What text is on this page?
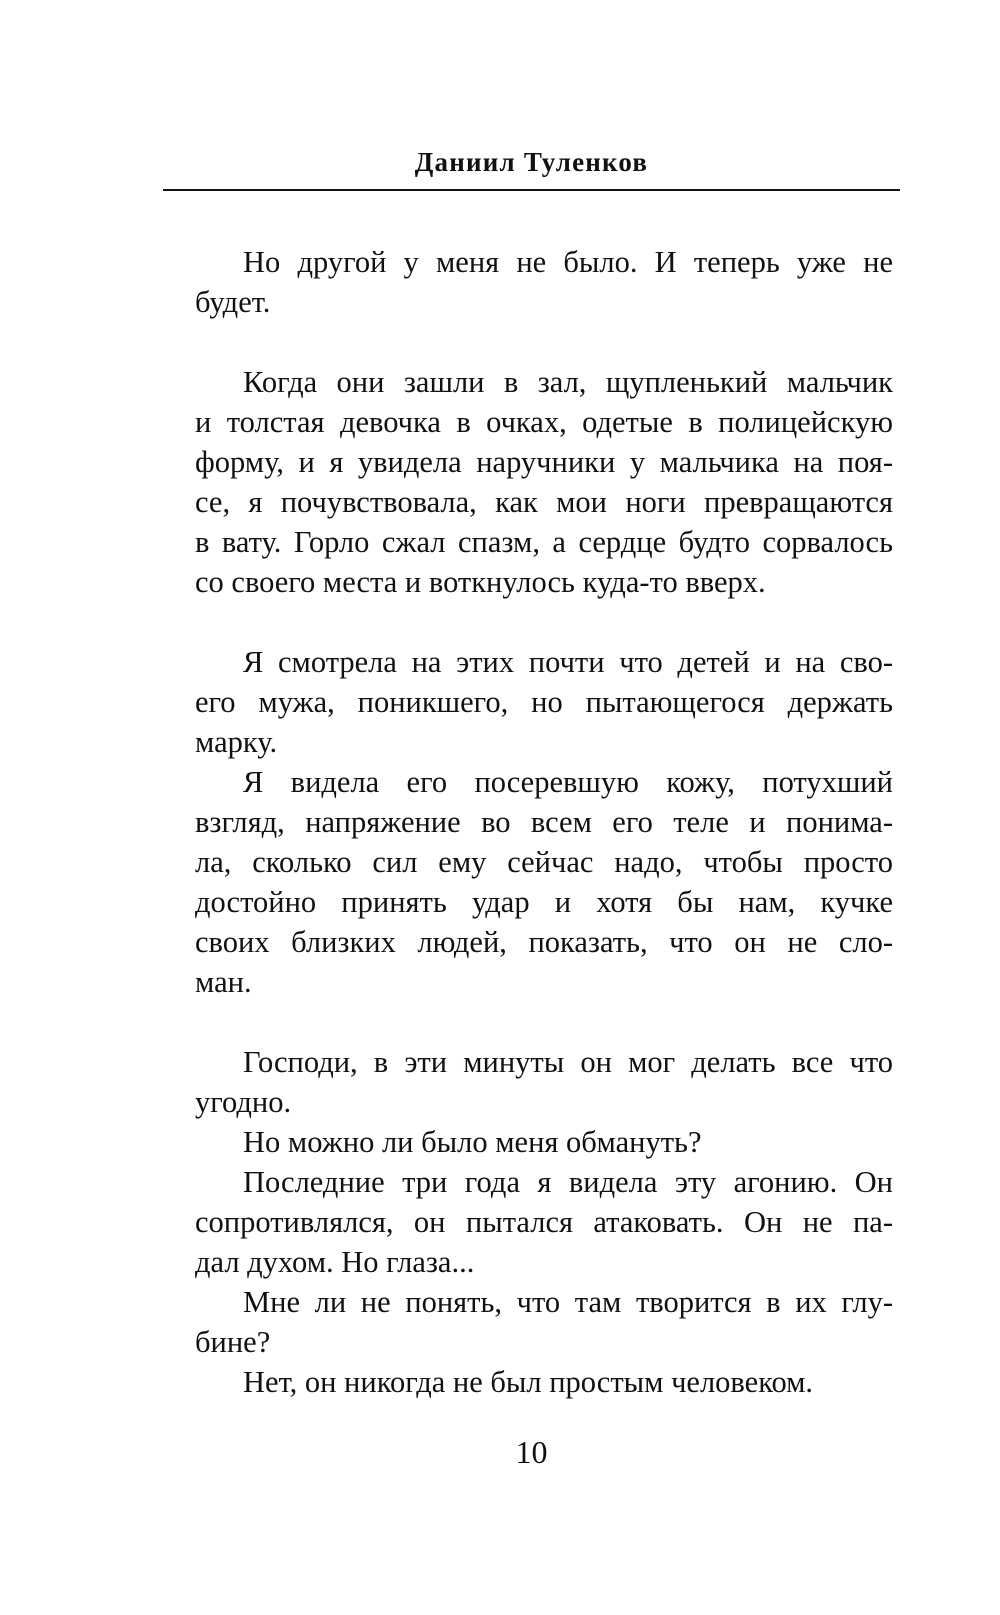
Даниил Туленков
Но другой у меня не было. И теперь уже не
будет.
Когда они зашли в зал, щупленький мальчик
и толстая девочка в очках, одетые в полицейскую
форму, и я увидела наручники у мальчика на поя-
се, я почувствовала, как мои ноги превращаются
в вату. Горло сжал спазм, а сердце будто сорвалось
со своего места и воткнулось куда-то вверх.
Я смотрела на этих почти что детей и на сво-
его мужа, поникшего, но пытающегося держать
марку.
Я видела его посеревшую кожу, потухший
взгляд, напряжение во всем его теле и понима-
ла, сколько сил ему сейчас надо, чтобы просто
достойно принять удар и хотя бы нам, кучке
своих близких людей, показать, что он не сло-
ман.
Господи, в эти минуты он мог делать все что
угодно.
Но можно ли было меня обмануть?
Последние три года я видела эту агонию. Он
сопротивлялся, он пытался атаковать. Он не па-
дал духом. Но глаза...
Мне ли не понять, что там творится в их глу-
бине?
Нет, он никогда не был простым человеком.
10
